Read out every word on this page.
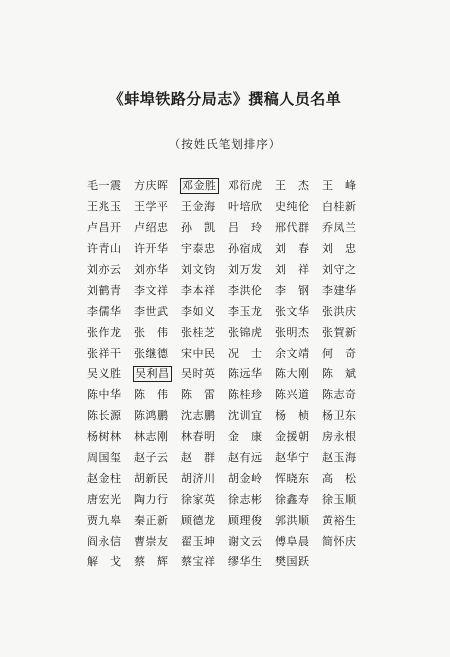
《蚌埠铁路分局志》撰稿人员名单
（按姓氏笔划排序）
毛一震	方庆晖	邓金胜	邓衍虎	王　杰	王　峰
王兆玉	王学平	王金海	叶培欣	史纯伦	白桂新
卢昌开	卢绍忠	孙　凯	吕　玲	邢代群	乔凤兰
许青山	许开华	宇泰忠	孙宿成	刘　春	刘　忠
刘亦云	刘亦华	刘文钧	刘万发	刘　祥	刘守之
刘鹤青	李文祥	李本祥	李洪伦	李　钢	李建华
李儒华	李世武	李如义	李玉龙	张文华	张洪庆
张作龙	张　伟	张桂芝	张锦虎	张明杰	张賀新
张祥干	张继德	宋中民	况　士	余文靖	何　奇
吴义胜	吴利昌	吴时英	陈远华	陈大刚	陈　斌
陈中华	陈　伟	陈　雷	陈桂珍	陈兴道	陈志奇
陈长源	陈鸿鹏	沈志鹏	沈训宜	杨　桢	杨卫东
杨树林	林志刚	林春明	金　康	金援朝	房永根
周国玺	赵子云	赵　群	赵有远	赵华宁	赵玉海
赵金柱	胡新民	胡济川	胡金岭	恽晓东	高　松
唐宏光	陶力行	徐家英	徐志彬	徐鑫寿	徐玉顺
贾九皋	秦正新	顾德龙	顾理俊	郭洪顺	黄裕生
阎永信	曹崇友	翟玉坤	谢文云	傅阜晨	简怀庆
解　戈	蔡　辉	蔡宝祥	缪华生	樊国跃
